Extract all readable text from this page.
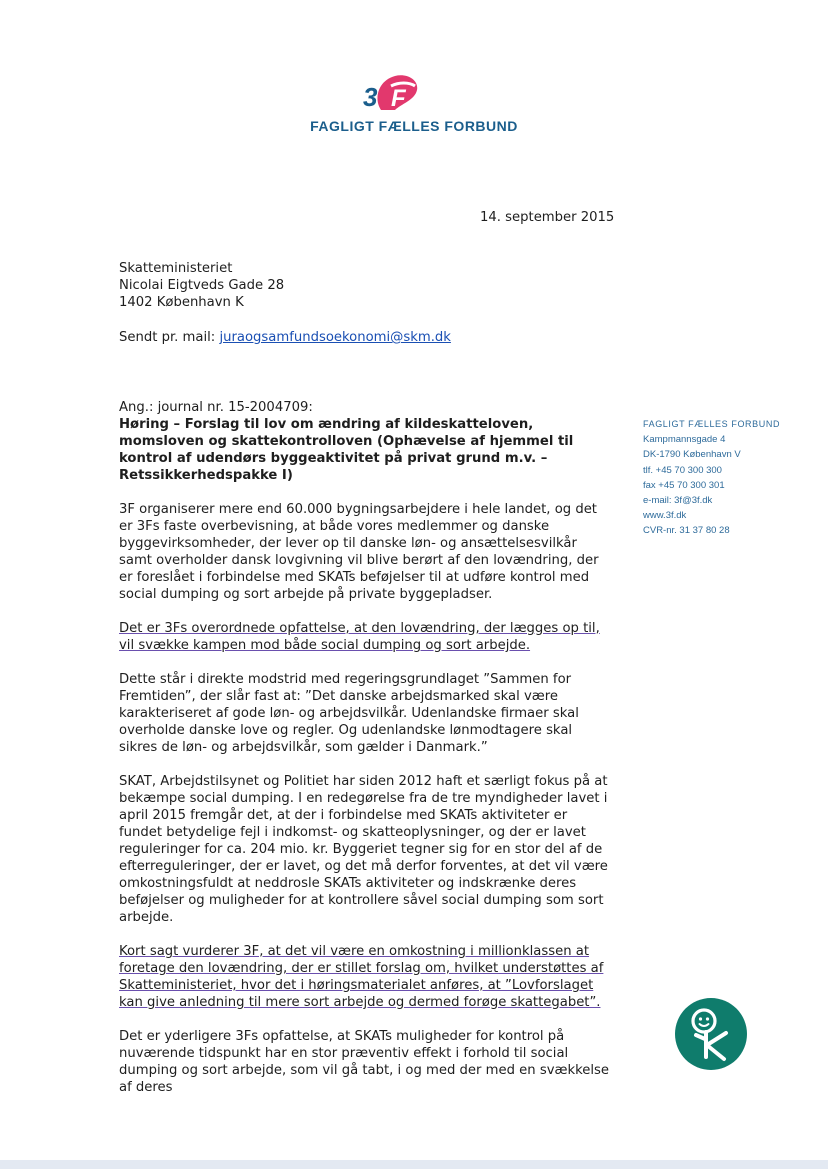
3 F
FAGLIGT FÆLLES FORBUND
14. september 2015
Skatteministeriet
Nicolai Eigtveds Gade 28
1402 København K
Sendt pr. mail: juraogsamfundsoekonomi@skm.dk

Ang.: journal nr. 15-2004709:

Høring – Forslag til lov om ændring af kildeskatteloven, momsloven og skattekontrolloven (Ophævelse af hjemmel til kontrol af udendørs byggeaktivitet på privat grund m.v. – Retssikkerhedspakke I)

3F organiserer mere end 60.000 bygningsarbejdere i hele landet, og det er 3Fs faste overbevisning, at både vores medlemmer og danske byggevirksomheder, der lever op til danske løn- og ansættelsesvilkår samt overholder dansk lovgivning vil blive berørt af den lovændring, der er foreslået i forbindelse med SKATs beføjelser til at udføre kontrol med social dumping og sort arbejde på private byggepladser.

Det er 3Fs overordnede opfattelse, at den lovændring, der lægges op til, vil svække kampen mod både social dumping og sort arbejde.

Dette står i direkte modstrid med regeringsgrundlaget ”Sammen for Fremtiden”, der slår fast at: ”Det danske arbejdsmarked skal være karakteriseret af gode løn- og arbejdsvilkår. Udenlandske firmaer skal overholde danske love og regler. Og udenlandske lønmodtagere skal sikres de løn- og arbejdsvilkår, som gælder i Danmark.”

SKAT, Arbejdstilsynet og Politiet har siden 2012 haft et særligt fokus på at bekæmpe social dumping. I en redegørelse fra de tre myndigheder lavet i april 2015 fremgår det, at der i forbindelse med SKATs aktiviteter er fundet betydelige fejl i indkomst- og skatteoplysninger, og der er lavet reguleringer for ca. 204 mio. kr. Byggeriet tegner sig for en stor del af de efterreguleringer, der er lavet, og det må derfor forventes, at det vil være omkostningsfuldt at neddrosle SKATs aktiviteter og indskrænke deres beføjelser og muligheder for at kontrollere såvel social dumping som sort arbejde.

Kort sagt vurderer 3F, at det vil være en omkostning i millionklassen at foretage den lovændring, der er stillet forslag om, hvilket understøttes af Skatteministeriet, hvor det i høringsmaterialet anføres, at ”Lovforslaget kan give anledning til mere sort arbejde og dermed forøge skattegabet”.

Det er yderligere 3Fs opfattelse, at SKATs muligheder for kontrol på nuværende tidspunkt har en stor præventiv effekt i forhold til social dumping og sort arbejde, som vil gå tabt, i og med der med en svækkelse af deres

FAGLIGT FÆLLES FORBUND
Kampmannsgade 4
DK-1790 København V
tlf. +45 70 300 300
fax +45 70 300 301
e-mail: 3f@3f.dk
www.3f.dk
CVR-nr. 31 37 80 28
